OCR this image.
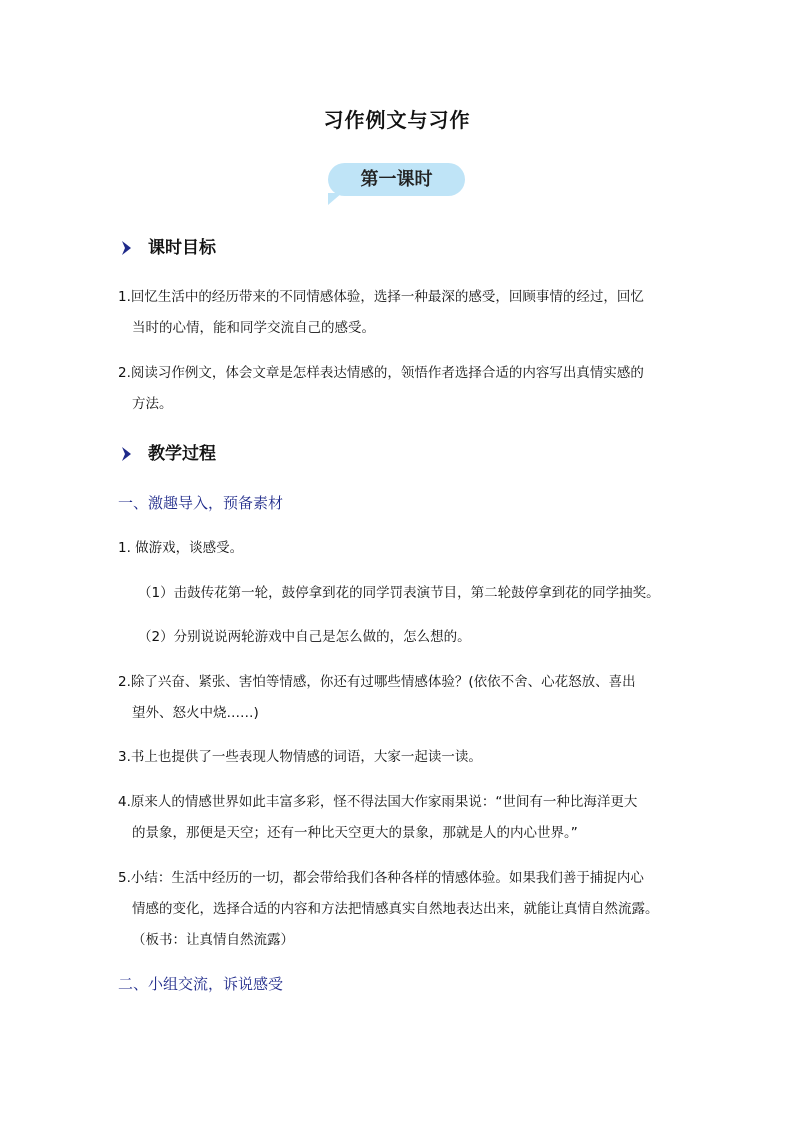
习作例文与习作
第一课时
课时目标
1.回忆生活中的经历带来的不同情感体验，选择一种最深的感受，回顾事情的经过，回忆
当时的心情，能和同学交流自己的感受。
2.阅读习作例文，体会文章是怎样表达情感的，领悟作者选择合适的内容写出真情实感的
方法。
教学过程
一、激趣导入，预备素材
1. 做游戏，谈感受。
（1）击鼓传花第一轮，鼓停拿到花的同学罚表演节目，第二轮鼓停拿到花的同学抽奖。
（2）分别说说两轮游戏中自己是怎么做的，怎么想的。
2.除了兴奋、紧张、害怕等情感，你还有过哪些情感体验？(依依不舍、心花怒放、喜出
望外、怒火中烧……)
3.书上也提供了一些表现人物情感的词语，大家一起读一读。
4.原来人的情感世界如此丰富多彩，怪不得法国大作家雨果说：“世间有一种比海洋更大
的景象，那便是天空；还有一种比天空更大的景象，那就是人的内心世界。”
5.小结：生活中经历的一切，都会带给我们各种各样的情感体验。如果我们善于捕捉内心
情感的变化，选择合适的内容和方法把情感真实自然地表达出来，就能让真情自然流露。
（板书：让真情自然流露）
二、小组交流，诉说感受
